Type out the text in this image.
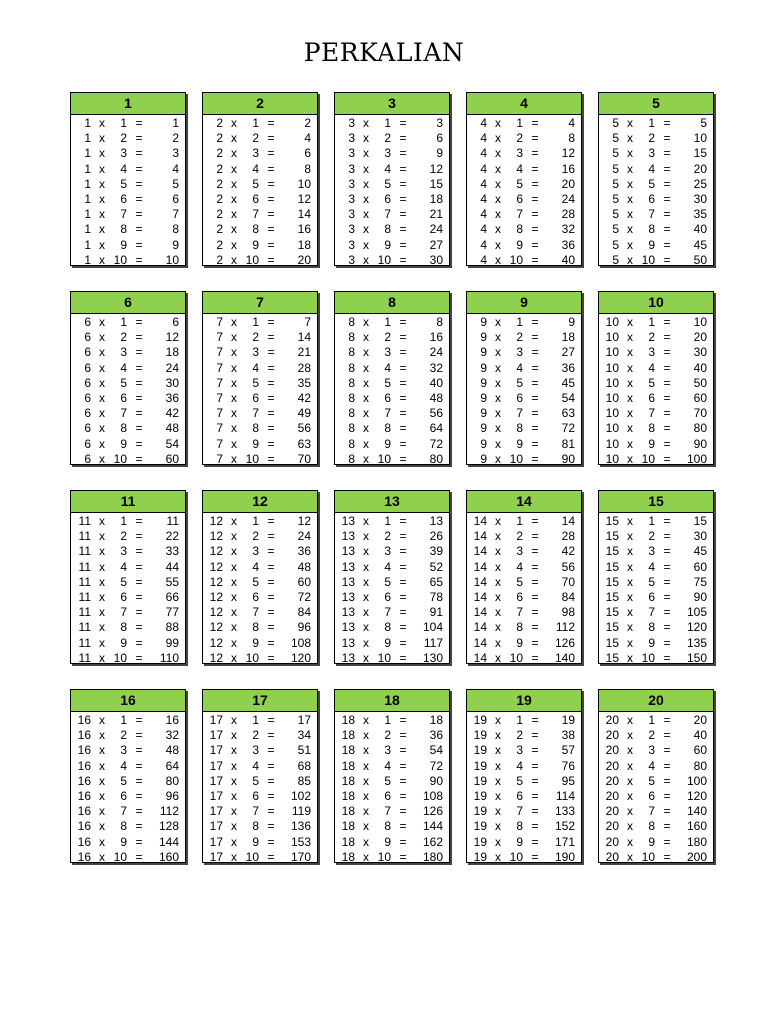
PERKALIAN
1
1 x	1 =	1
1 x	2 =	2
1 x	3 =	3
1 x	4 =	4
1 x	5 =	5
1 x	6 =	6
1 x	7 =	7
1 x	8 =	8
1 x	9 =	9
1 x 10 =	10
2
2 x	1 =	2
2 x	2 =	4
2 x	3 =	6
2 x	4 =	8
2 x	5 =	10
2 x	6 =	12
2 x	7 =	14
2 x	8 =	16
2 x	9 =	18
2 x 10 =	20
3
3 x	1 =	3
3 x	2 =	6
3 x	3 =	9
3 x	4 =	12
3 x	5 =	15
3 x	6 =	18
3 x	7 =	21
3 x	8 =	24
3 x	9 =	27
3 x 10 =	30
4
4 x	1 =	4
4 x	2 =	8
4 x	3 =	12
4 x	4 =	16
4 x	5 =	20
4 x	6 =	24
4 x	7 =	28
4 x	8 =	32
4 x	9 =	36
4 x 10 =	40
5
5 x	1 =	5
5 x	2 =	10
5 x	3 =	15
5 x	4 =	20
5 x	5 =	25
5 x	6 =	30
5 x	7 =	35
5 x	8 =	40
5 x	9 =	45
5 x 10 =	50
6
6 x	1 =	6
6 x	2 =	12
6 x	3 =	18
6 x	4 =	24
6 x	5 =	30
6 x	6 =	36
6 x	7 =	42
6 x	8 =	48
6 x	9 =	54
6 x 10 =	60
7
7 x	1 =	7
7 x	2 =	14
7 x	3 =	21
7 x	4 =	28
7 x	5 =	35
7 x	6 =	42
7 x	7 =	49
7 x	8 =	56
7 x	9 =	63
7 x 10 =	70
8
8 x	1 =	8
8 x	2 =	16
8 x	3 =	24
8 x	4 =	32
8 x	5 =	40
8 x	6 =	48
8 x	7 =	56
8 x	8 =	64
8 x	9 =	72
8 x 10 =	80
9
9 x	1 =	9
9 x	2 =	18
9 x	3 =	27
9 x	4 =	36
9 x	5 =	45
9 x	6 =	54
9 x	7 =	63
9 x	8 =	72
9 x	9 =	81
9 x 10 =	90
10
10 x	1 =	10
10 x	2 =	20
10 x	3 =	30
10 x	4 =	40
10 x	5 =	50
10 x	6 =	60
10 x	7 =	70
10 x	8 =	80
10 x	9 =	90
10 x 10 =	100
11
11 x	1 =	11
11 x	2 =	22
11 x	3 =	33
11 x	4 =	44
11 x	5 =	55
11 x	6 =	66
11 x	7 =	77
11 x	8 =	88
11 x	9 =	99
11 x 10 =	110
12
12 x	1 =	12
12 x	2 =	24
12 x	3 =	36
12 x	4 =	48
12 x	5 =	60
12 x	6 =	72
12 x	7 =	84
12 x	8 =	96
12 x	9 =	108
12 x 10 =	120
13
13 x	1 =	13
13 x	2 =	26
13 x	3 =	39
13 x	4 =	52
13 x	5 =	65
13 x	6 =	78
13 x	7 =	91
13 x	8 =	104
13 x	9 =	117
13 x 10 =	130
14
14 x	1 =	14
14 x	2 =	28
14 x	3 =	42
14 x	4 =	56
14 x	5 =	70
14 x	6 =	84
14 x	7 =	98
14 x	8 =	112
14 x	9 =	126
14 x 10 =	140
15
15 x	1 =	15
15 x	2 =	30
15 x	3 =	45
15 x	4 =	60
15 x	5 =	75
15 x	6 =	90
15 x	7 =	105
15 x	8 =	120
15 x	9 =	135
15 x 10 =	150
16
16 x	1 =	16
16 x	2 =	32
16 x	3 =	48
16 x	4 =	64
16 x	5 =	80
16 x	6 =	96
16 x	7 =	112
16 x	8 =	128
16 x	9 =	144
16 x 10 =	160
17
17 x	1 =	17
17 x	2 =	34
17 x	3 =	51
17 x	4 =	68
17 x	5 =	85
17 x	6 =	102
17 x	7 =	119
17 x	8 =	136
17 x	9 =	153
17 x 10 =	170
18
18 x	1 =	18
18 x	2 =	36
18 x	3 =	54
18 x	4 =	72
18 x	5 =	90
18 x	6 =	108
18 x	7 =	126
18 x	8 =	144
18 x	9 =	162
18 x 10 =	180
19
19 x	1 =	19
19 x	2 =	38
19 x	3 =	57
19 x	4 =	76
19 x	5 =	95
19 x	6 =	114
19 x	7 =	133
19 x	8 =	152
19 x	9 =	171
19 x 10 =	190
20
20 x	1 =	20
20 x	2 =	40
20 x	3 =	60
20 x	4 =	80
20 x	5 =	100
20 x	6 =	120
20 x	7 =	140
20 x	8 =	160
20 x	9 =	180
20 x 10 =	200
